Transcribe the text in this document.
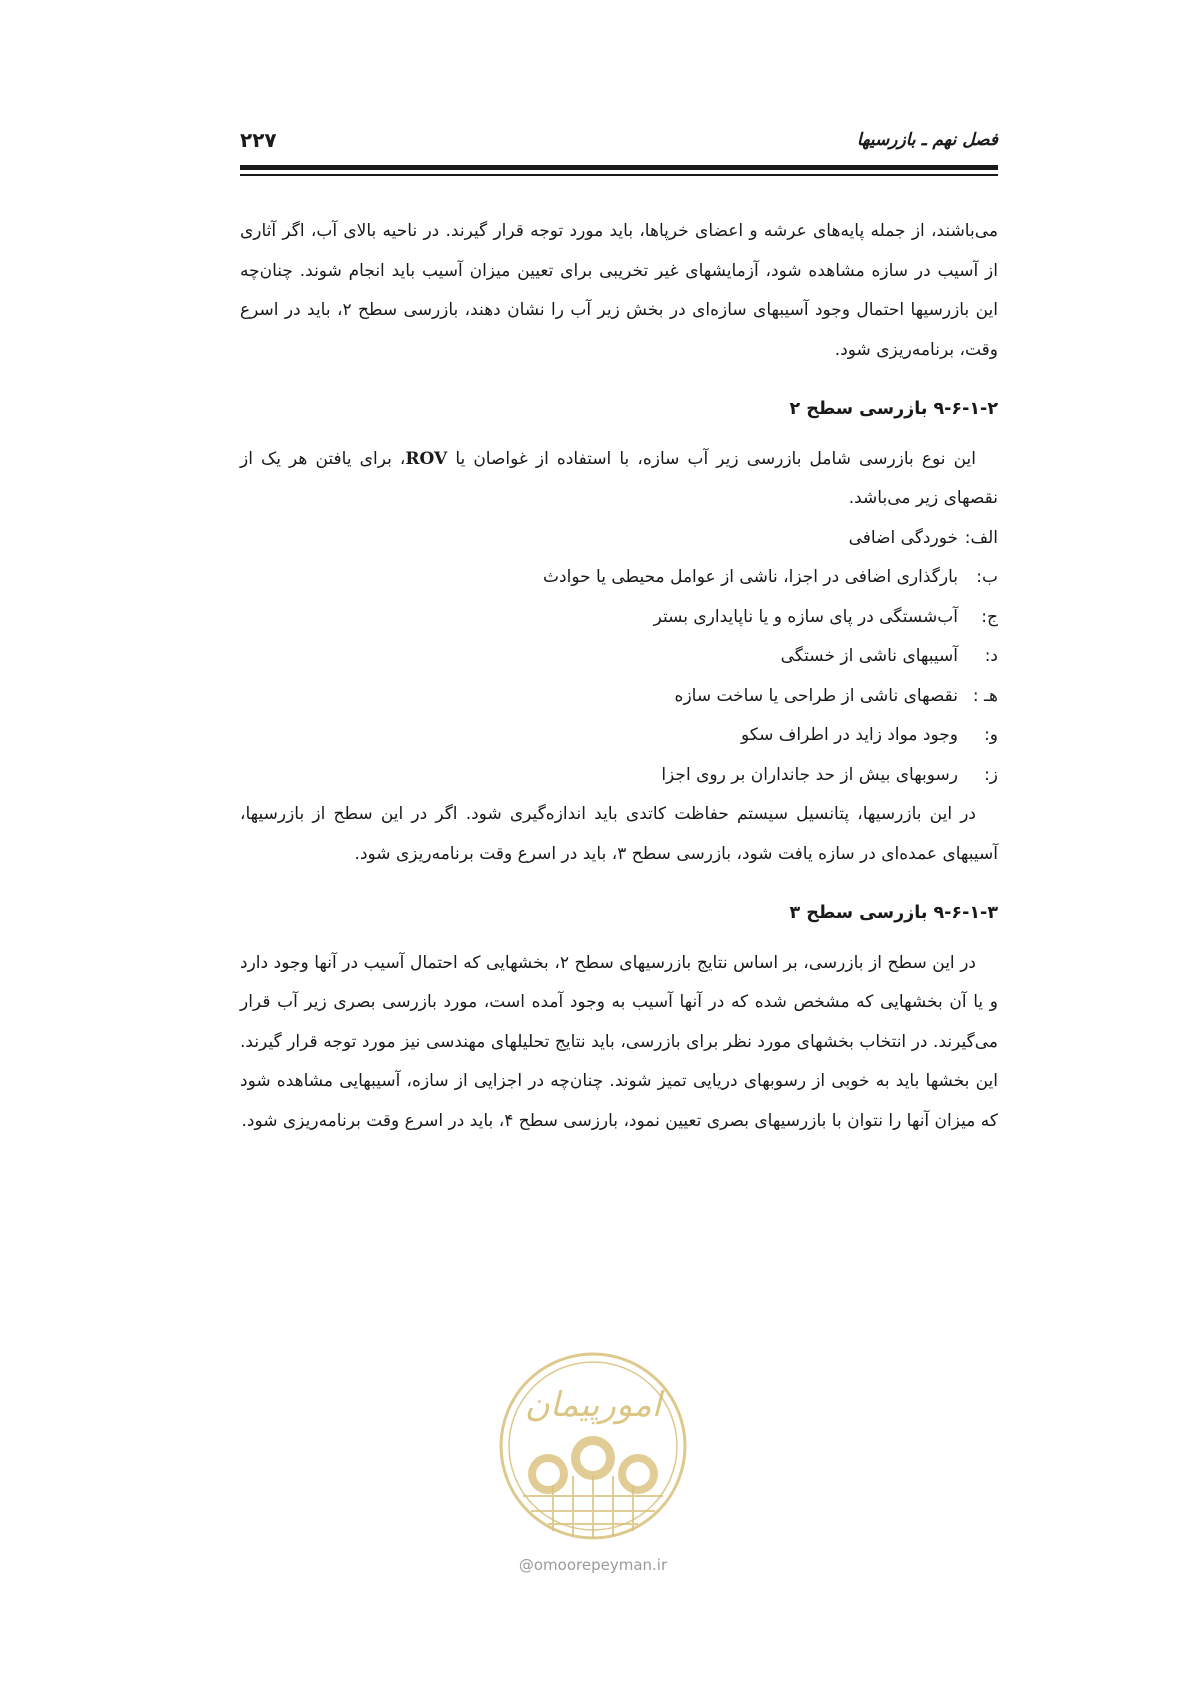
فصل نهم ـ بازرسیها
۲۲۷

می‌باشند، از جمله پایه‌های عرشه و اعضای خرپاها، باید مورد توجه قرار گیرند. در ناحیه بالای آب، اگر آثاری از آسیب در سازه مشاهده شود، آزمایشهای غیر تخریبی برای تعیین میزان آسیب باید انجام شوند. چنان‌چه این بازرسیها احتمال وجود آسیبهای سازه‌ای در بخش زیر آب را نشان دهند، بازرسی سطح ۲، باید در اسرع وقت، برنامه‌ریزی شود.

۹-۶-۱-۲ بازرسی سطح ۲

این نوع بازرسی شامل بازرسی زیر آب سازه، با استفاده از غواصان یا ROV، برای یافتن هر یک از نقصهای زیر می‌باشد.

الف:
خوردگی اضافی
ب:
بارگذاری اضافی در اجزا، ناشی از عوامل محیطی یا حوادث
ج:
آب‌شستگی در پای سازه و یا ناپایداری بستر
د:
آسیبهای ناشی از خستگی
هـ :
نقصهای ناشی از طراحی یا ساخت سازه
و:
وجود مواد زاید در اطراف سکو
ز:
رسوبهای بیش از حد جانداران بر روی اجزا

در این بازرسیها، پتانسیل سیستم حفاظت کاتدی باید اندازه‌گیری شود. اگر در این سطح از بازرسیها، آسیبهای عمده‌ای در سازه یافت شود، بازرسی سطح ۳، باید در اسرع وقت برنامه‌ریزی شود.

۹-۶-۱-۳ بازرسی سطح ۳

در این سطح از بازرسی، بر اساس نتایج بازرسیهای سطح ۲، بخشهایی که احتمال آسیب در آنها وجود دارد و یا آن بخشهایی که مشخص شده که در آنها آسیب به وجود آمده است، مورد بازرسی بصری زیر آب قرار می‌گیرند. در انتخاب بخشهای مورد نظر برای بازرسی، باید نتایج تحلیلهای مهندسی نیز مورد توجه قرار گیرند. این بخشها باید به خوبی از رسوبهای دریایی تمیز شوند. چنان‌چه در اجزایی از سازه، آسیبهایی مشاهده شود که میزان آنها را نتوان با بازرسیهای بصری تعیین نمود، بارزسی سطح ۴، باید در اسرع وقت برنامه‌ریزی شود.

امورپیمان
@omoorepeyman.ir
